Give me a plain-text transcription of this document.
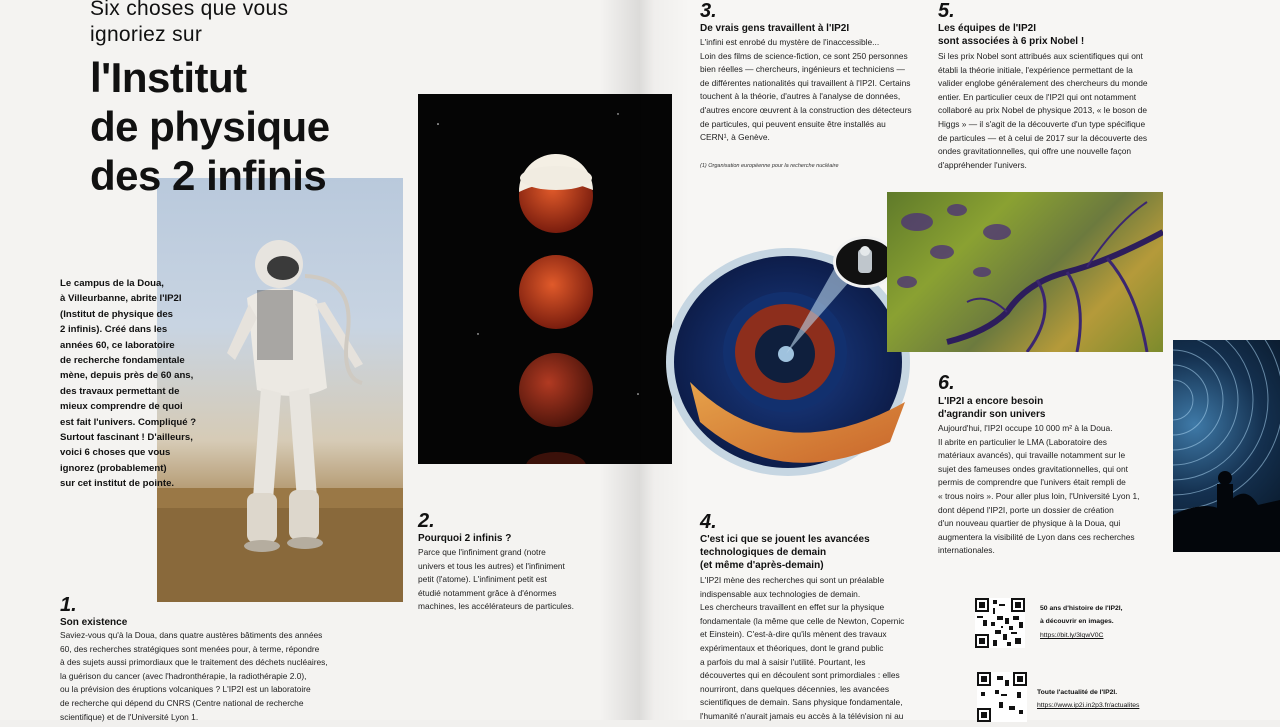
Six choses que vous
ignoriez sur
l'Institut
de physique
des 2 infinis
Le campus de la Doua,
à Villeurbanne, abrite l'IP2I
(Institut de physique des
2 infinis). Créé dans les
années 60, ce laboratoire
de recherche fondamentale
mène, depuis près de 60 ans,
des travaux permettant de
mieux comprendre de quoi
est fait l'univers. Compliqué ?
Surtout fascinant ! D'ailleurs,
voici 6 choses que vous
ignorez (probablement)
sur cet institut de pointe.
1.
Son existence
Saviez-vous qu'à la Doua, dans quatre austères bâtiments des années
60, des recherches stratégiques sont menées pour, à terme, répondre
à des sujets aussi primordiaux que le traitement des déchets nucléaires,
la guérison du cancer (avec l'hadronthérapie, la radiothérapie 2.0),
ou la prévision des éruptions volcaniques ? L'IP2I est un laboratoire
de recherche qui dépend du CNRS (Centre national de recherche
scientifique) et de l'Université Lyon 1.
2.
Pourquoi 2 infinis ?
Parce que l'infiniment grand (notre
univers et tous les autres) et l'infiniment
petit (l'atome). L'infiniment petit est
étudié notamment grâce à d'énormes
machines, les accélérateurs de particules.
3.
De vrais gens travaillent à l'IP2I
L'infini est enrobé du mystère de l'inaccessible...
Loin des films de science-fiction, ce sont 250 personnes
bien réelles — chercheurs, ingénieurs et techniciens —
de différentes nationalités qui travaillent à l'IP2I. Certains
touchent à la théorie, d'autres à l'analyse de données,
d'autres encore œuvrent à la construction des détecteurs
de particules, qui peuvent ensuite être installés au
CERN¹, à Genève.
(1) Organisation européenne pour la recherche nucléaire
5.
Les équipes de l'IP2I
sont associées à 6 prix Nobel !
Si les prix Nobel sont attribués aux scientifiques qui ont
établi la théorie initiale, l'expérience permettant de la
valider englobe généralement des chercheurs du monde
entier. En particulier ceux de l'IP2I qui ont notamment
collaboré au prix Nobel de physique 2013, « le boson de
Higgs » — il s'agit de la découverte d'un type spécifique
de particules — et à celui de 2017 sur la découverte des
ondes gravitationnelles, qui offre une nouvelle façon
d'appréhender l'univers.
6.
L'IP2I a encore besoin
d'agrandir son univers
Aujourd'hui, l'IP2I occupe 10 000 m² à la Doua.
Il abrite en particulier le LMA (Laboratoire des
matériaux avancés), qui travaille notamment sur le
sujet des fameuses ondes gravitationnelles, qui ont
permis de comprendre que l'univers était rempli de
« trous noirs ». Pour aller plus loin, l'Université Lyon 1,
dont dépend l'IP2I, porte un dossier de création
d'un nouveau quartier de physique à la Doua, qui
augmentera la visibilité de Lyon dans ces recherches
internationales.
4.
C'est ici que se jouent les avancées
technologiques de demain
(et même d'après-demain)
L'IP2I mène des recherches qui sont un préalable
indispensable aux technologies de demain.
Les chercheurs travaillent en effet sur la physique
fondamentale (la même que celle de Newton, Copernic
et Einstein). C'est-à-dire qu'ils mènent des travaux
expérimentaux et théoriques, dont le grand public
a parfois du mal à saisir l'utilité. Pourtant, les
découvertes qui en découlent sont primordiales : elles
nourriront, dans quelques décennies, les avancées
scientifiques de demain. Sans physique fondamentale,
l'humanité n'aurait jamais eu accès à la télévision ni au
50 ans d'histoire de l'IP2I,
à découvrir en images.
https://bit.ly/3lqwV0C
Toute l'actualité de l'IP2I.
https://www.ip2i.in2p3.fr/actualites
